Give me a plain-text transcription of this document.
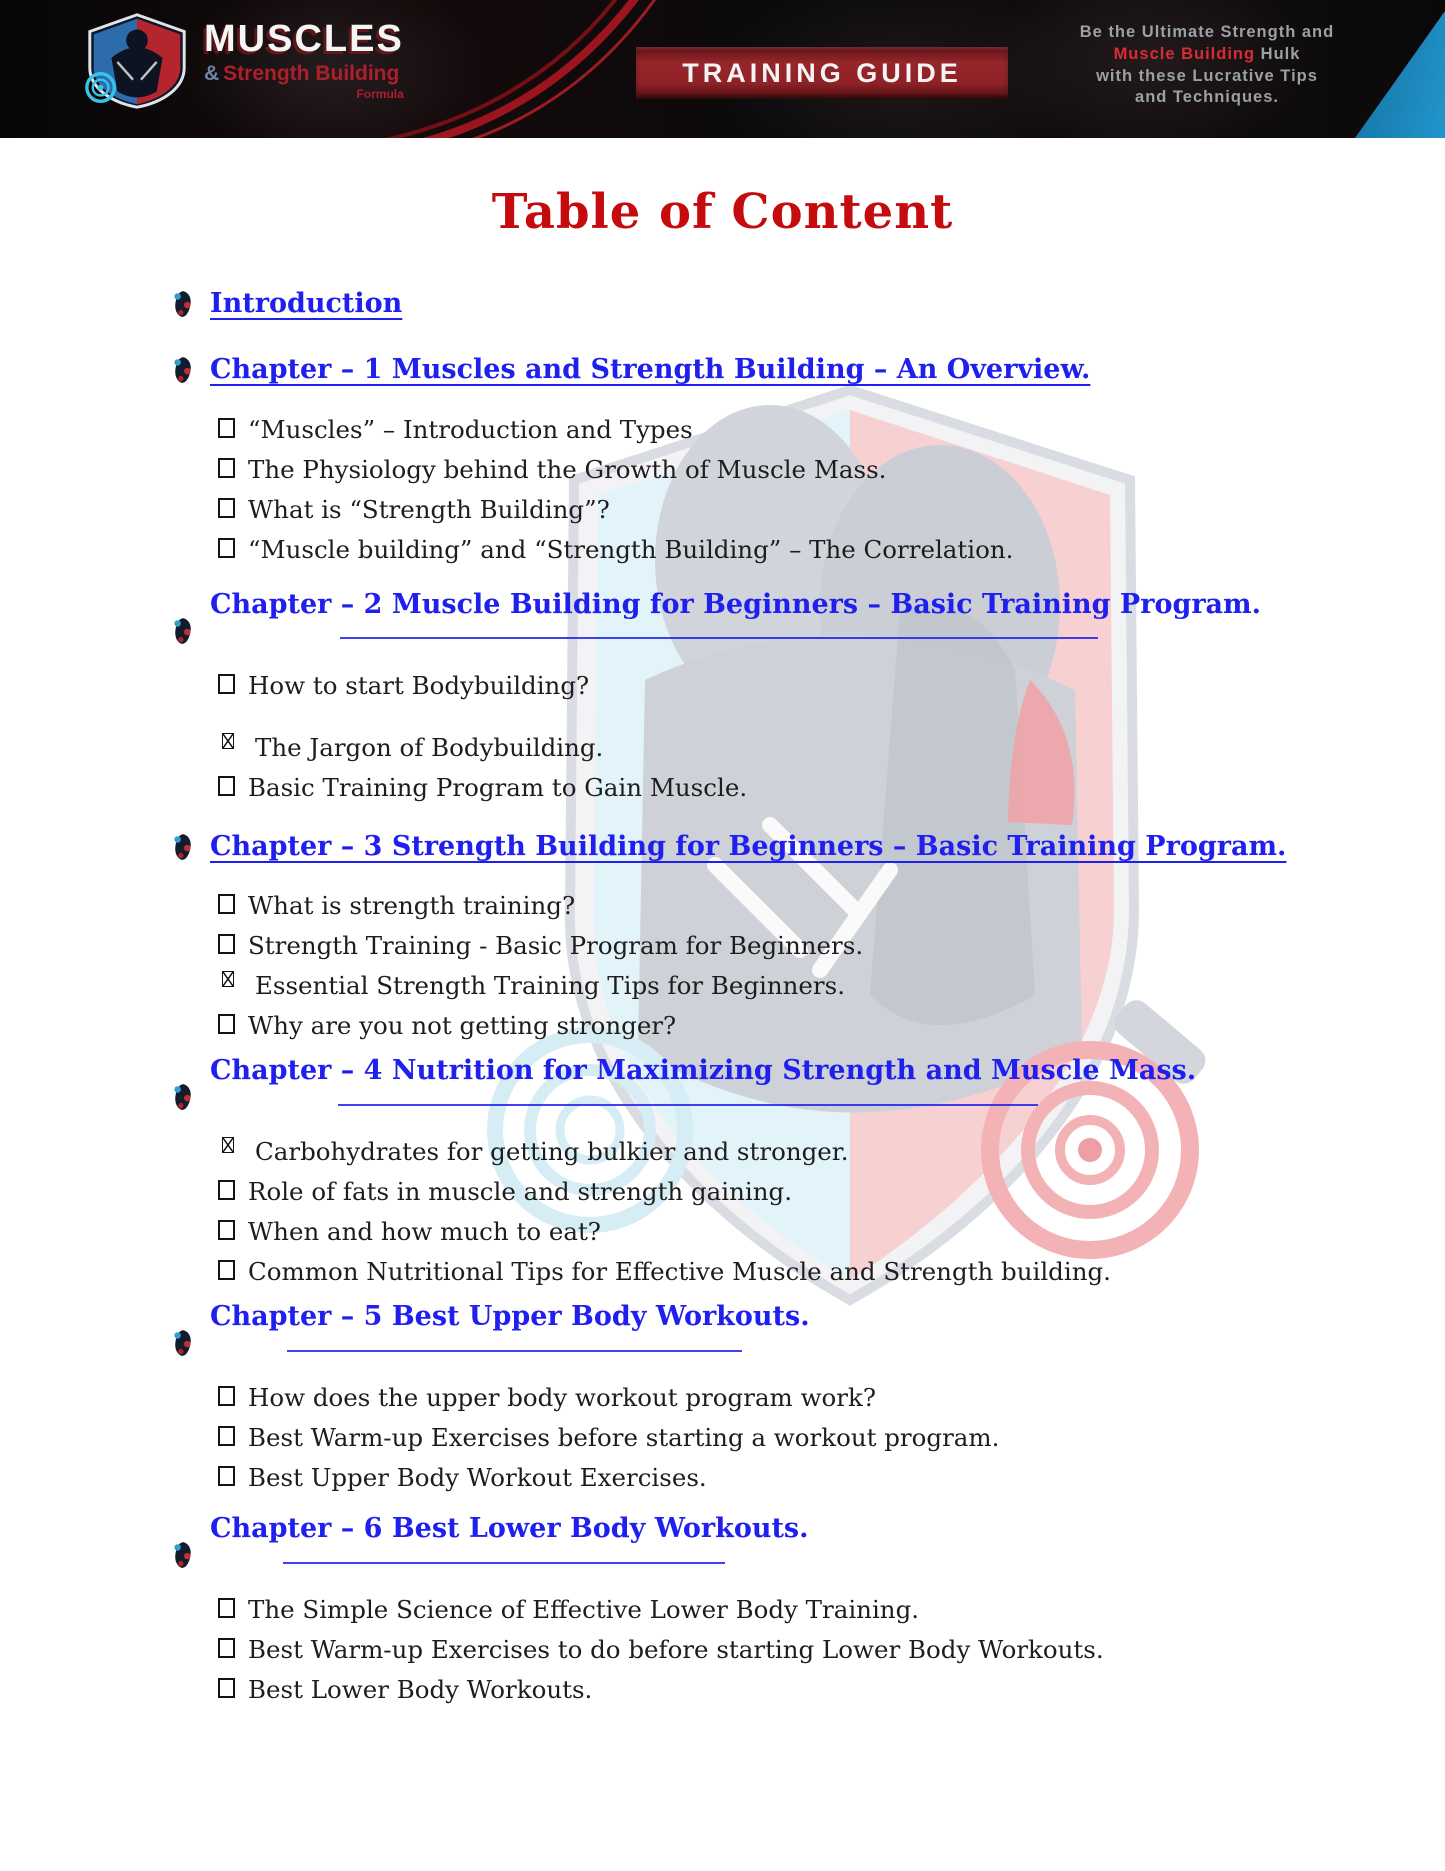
MUSCLES
& Strength Building
Formula
TRAINING GUIDE
Be the Ultimate Strength and
Muscle Building Hulk
with these Lucrative Tips
and Techniques.
Table of Content
Introduction
Chapter – 1 Muscles and Strength Building – An Overview.
“Muscles” – Introduction and Types
The Physiology behind the Growth of Muscle Mass.
What is “Strength Building”?
“Muscle building” and “Strength Building” – The Correlation.
Chapter – 2 Muscle Building for Beginners – Basic Training Program.
How to start Bodybuilding?
The Jargon of Bodybuilding.
Basic Training Program to Gain Muscle.
Chapter – 3 Strength Building for Beginners – Basic Training Program.
What is strength training?
Strength Training - Basic Program for Beginners.
Essential Strength Training Tips for Beginners.
Why are you not getting stronger?
Chapter – 4 Nutrition for Maximizing Strength and Muscle Mass.
Carbohydrates for getting bulkier and stronger.
Role of fats in muscle and strength gaining.
When and how much to eat?
Common Nutritional Tips for Effective Muscle and Strength building.
Chapter – 5 Best Upper Body Workouts.
How does the upper body workout program work?
Best Warm-up Exercises before starting a workout program.
Best Upper Body Workout Exercises.
Chapter – 6 Best Lower Body Workouts.
The Simple Science of Effective Lower Body Training.
Best Warm-up Exercises to do before starting Lower Body Workouts.
Best Lower Body Workouts.
